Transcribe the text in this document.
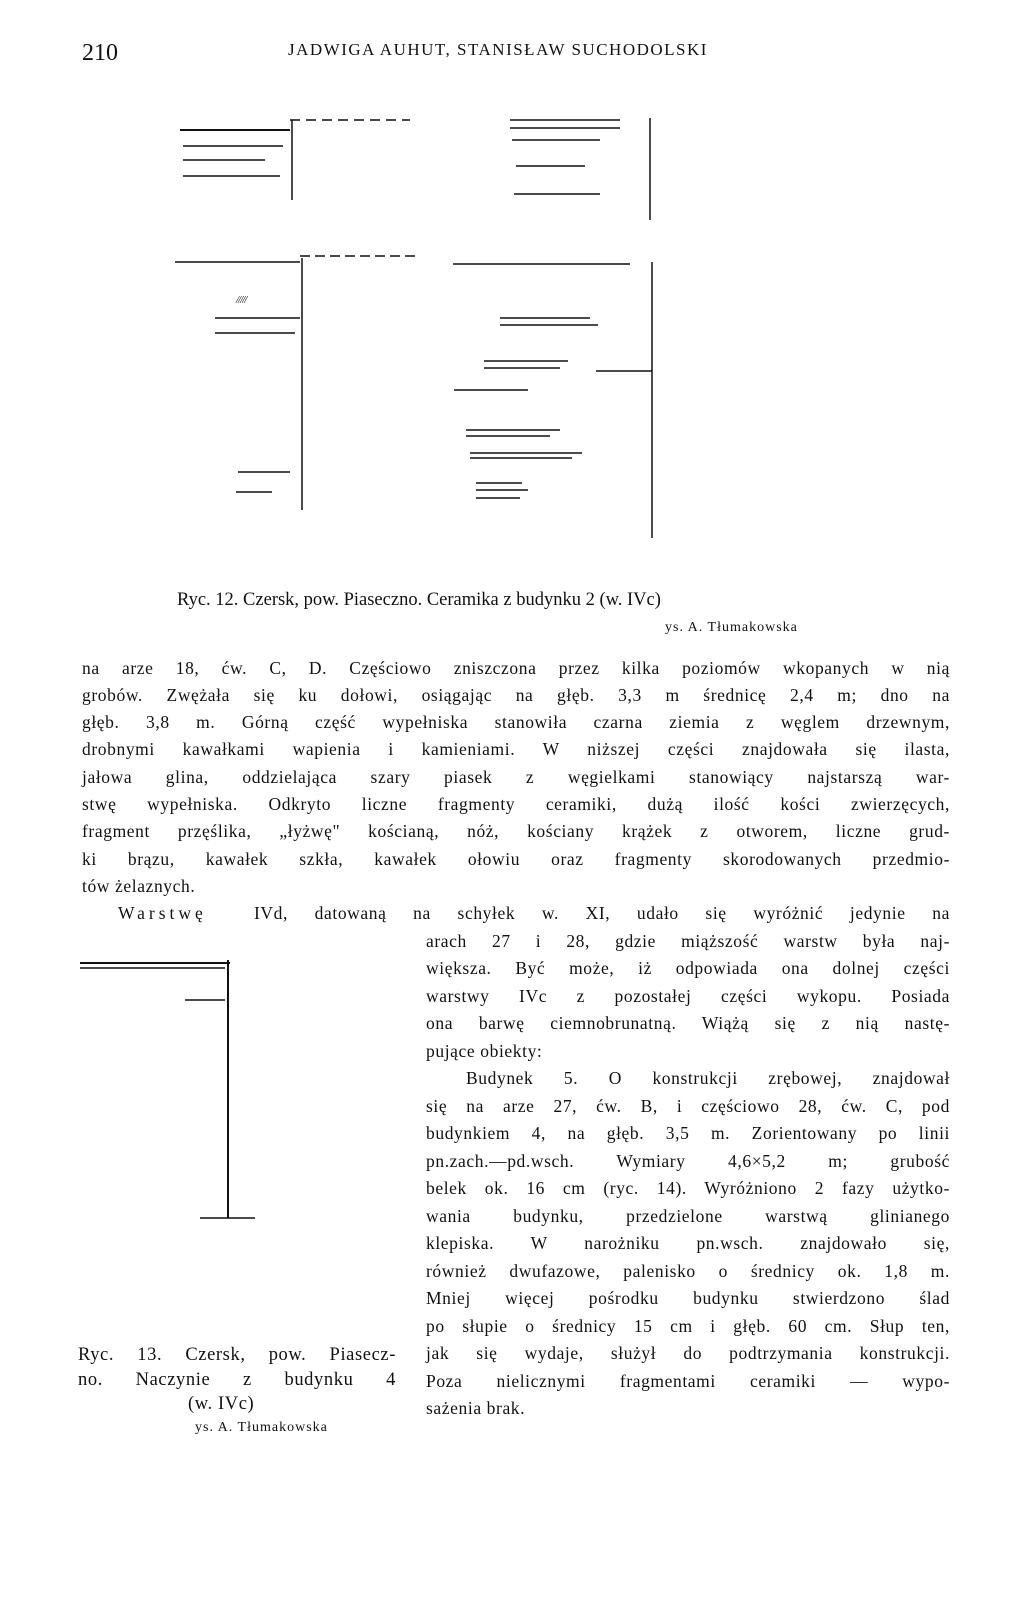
210	JADWIGA AUHUT, STANISŁAW SUCHODOLSKI
/////
Ryc. 12. Czersk, pow. Piaseczno. Ceramika z budynku 2 (w. IVc)
ys. A. Tłumakowska
na arze 18, ćw. C, D. Częściowo zniszczona przez kilka poziomów wkopanych w nią
grobów. Zwężała się ku dołowi, osiągając na głęb. 3,3 m średnicę 2,4 m; dno na
głęb. 3,8 m. Górną część wypełniska stanowiła czarna ziemia z węglem drzewnym,
drobnymi kawałkami wapienia i kamieniami. W niższej części znajdowała się ilasta,
jałowa glina, oddzielająca szary piasek z węgielkami stanowiący najstarszą war-
stwę wypełniska. Odkryto liczne fragmenty ceramiki, dużą ilość kości zwierzęcych,
fragment przęślika, „łyżwę" kościaną, nóż, kościany krążek z otworem, liczne grud-
ki brązu, kawałek szkła, kawałek ołowiu oraz fragmenty skorodowanych przedmio-
tów żelaznych.
Warstwę	IVd, datowaną na schyłek w. XI, udało się wyróżnić jedynie na
arach 27 i 28, gdzie miąższość warstw była naj-
większa. Być może, iż odpowiada ona dolnej części
warstwy IVc z pozostałej części wykopu. Posiada
ona barwę ciemnobrunatną. Wiążą się z nią nastę-
pujące obiekty:
Budynek 5. O konstrukcji zrębowej, znajdował
się na arze 27, ćw. B, i częściowo 28, ćw. C, pod
budynkiem 4, na głęb. 3,5 m. Zorientowany po linii
pn.zach.—pd.wsch. Wymiary 4,6×5,2 m; grubość
belek ok. 16 cm (ryc. 14). Wyróżniono 2 fazy użytko-
wania budynku, przedzielone warstwą glinianego
klepiska. W narożniku pn.wsch. znajdowało się,
również dwufazowe, palenisko o średnicy ok. 1,8 m.
Mniej więcej pośrodku budynku stwierdzono ślad
po słupie o średnicy 15 cm i głęb. 60 cm. Słup ten,
jak się wydaje, służył do podtrzymania konstrukcji.
Poza nielicznymi fragmentami ceramiki — wypo-
sażenia brak.
Ryc. 13. Czersk, pow. Piasecz-
no. Naczynie z budynku 4
(w. IVc)
ys. A. Tłumakowska
